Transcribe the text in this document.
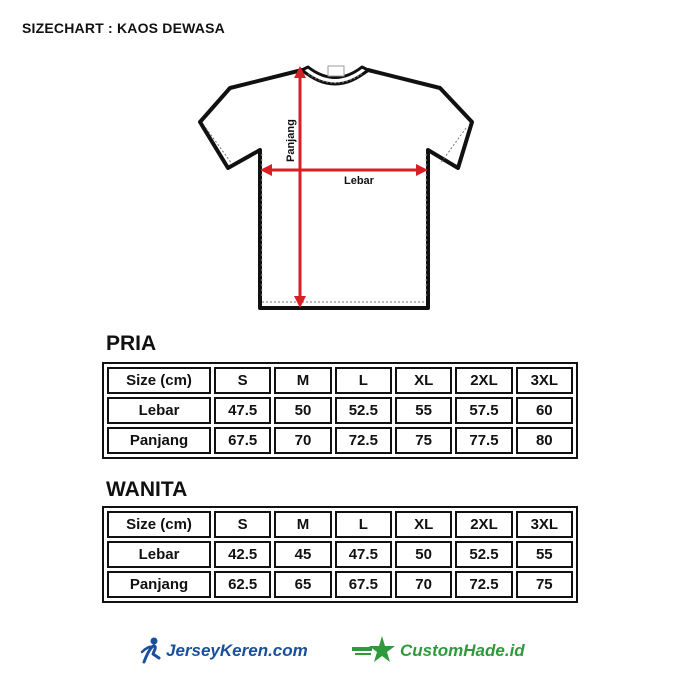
SIZECHART : KAOS DEWASA
Panjang
Lebar
PRIA
Size (cm)	S	M	L	XL	2XL	3XL
Lebar	47.5	50	52.5	55	57.5	60
Panjang	67.5	70	72.5	75	77.5	80
WANITA
Size (cm)	S	M	L	XL	2XL	3XL
Lebar	42.5	45	47.5	50	52.5	55
Panjang	62.5	65	67.5	70	72.5	75
JerseyKeren.com	CustomHade.id
